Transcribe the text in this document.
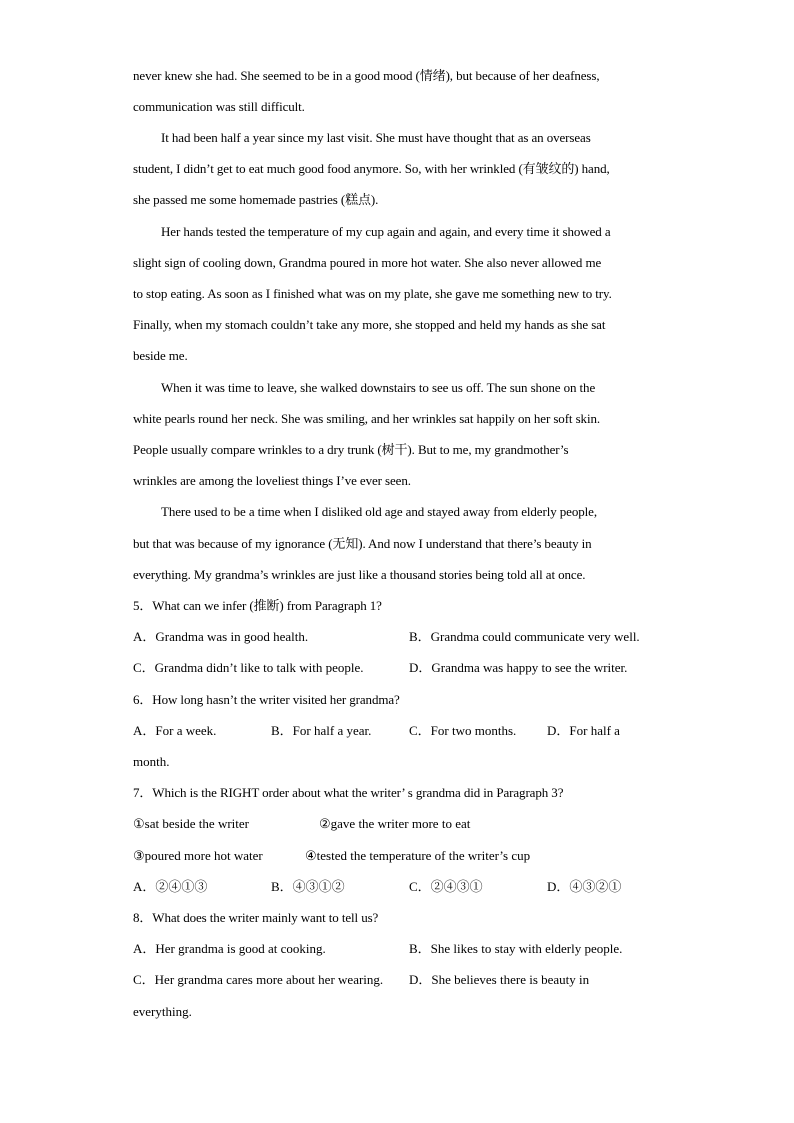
never knew she had. She seemed to be in a good mood (情绪), but because of her deafness,
communication was still difficult.
It had been half a year since my last visit. She must have thought that as an overseas
student, I didn’t get to eat much good food anymore. So, with her wrinkled (有皱纹的) hand,
she passed me some homemade pastries (糕点).
Her hands tested the temperature of my cup again and again, and every time it showed a
slight sign of cooling down, Grandma poured in more hot water. She also never allowed me
to stop eating. As soon as I finished what was on my plate, she gave me something new to try.
Finally, when my stomach couldn’t take any more, she stopped and held my hands as she sat
beside me.
When it was time to leave, she walked downstairs to see us off. The sun shone on the
white pearls round her neck. She was smiling, and her wrinkles sat happily on her soft skin.
People usually compare wrinkles to a dry trunk (树干). But to me, my grandmother’s
wrinkles are among the loveliest things I’ve ever seen.
There used to be a time when I disliked old age and stayed away from elderly people,
but that was because of my ignorance (无知). And now I understand that there’s beauty in
everything. My grandma’s wrinkles are just like a thousand stories being told all at once.
5．What can we infer (推断) from Paragraph 1?
A．Grandma was in good health.	B．Grandma could communicate very well.
C．Grandma didn’t like to talk with people.	D．Grandma was happy to see the writer.
6．How long hasn’t the writer visited her grandma?
A．For a week.	B．For half a year.	C．For two months. D．For half a
month.
7．Which is the RIGHT order about what the writer’ s grandma did in Paragraph 3?
①sat beside the writer	②gave the writer more to eat
③poured more hot water	④tested the temperature of the writer’s cup
A．②④①③	B．④③①②	C．②④③①	D．④③②①
8．What does the writer mainly want to tell us?
A．Her grandma is good at cooking.	B．She likes to stay with elderly people.
C．Her grandma cares more about her wearing. D．She believes there is beauty in
everything.
